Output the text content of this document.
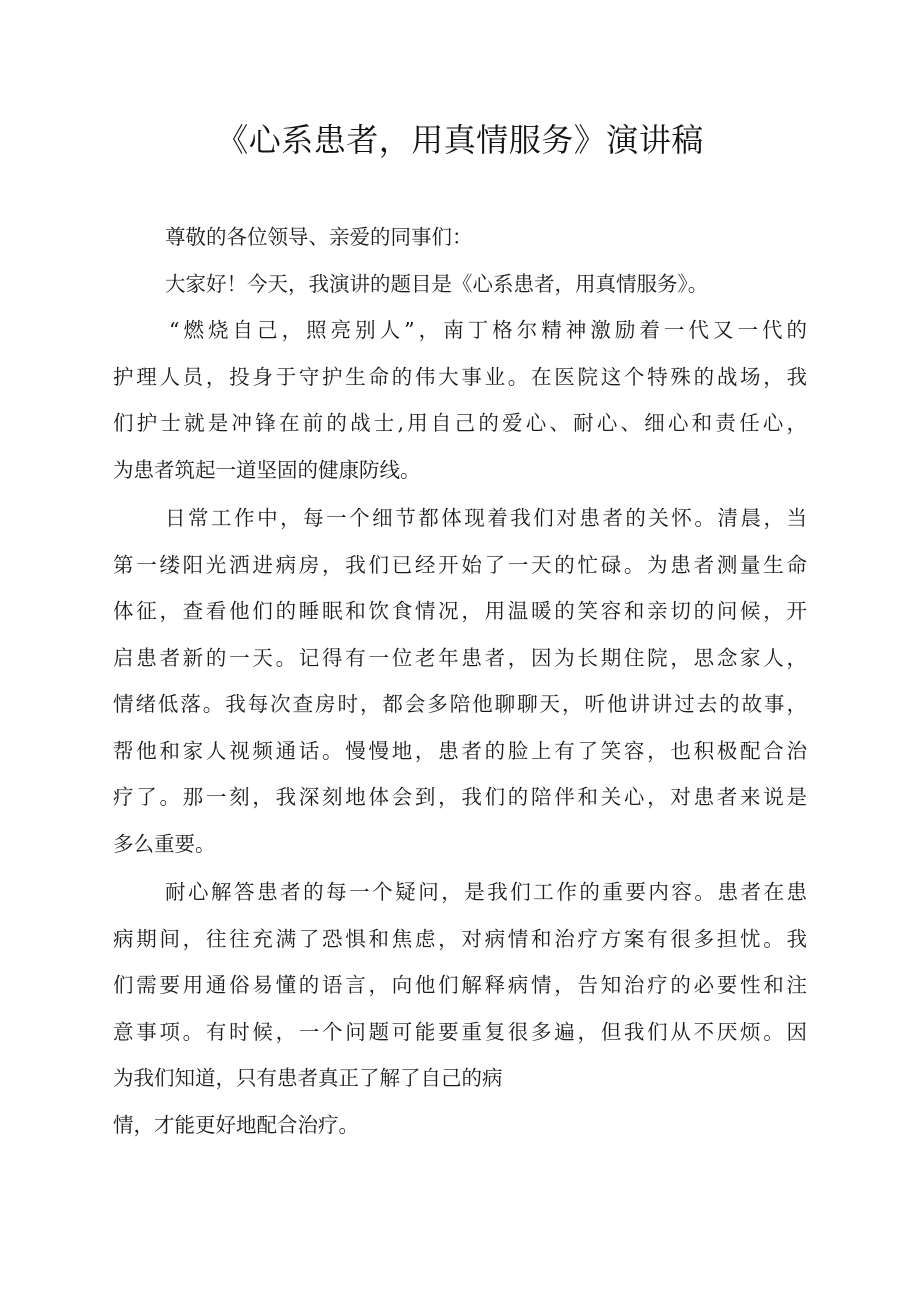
《心系患者，用真情服务》演讲稿
尊敬的各位领导、亲爱的同事们：
大家好！今天，我演讲的题目是《心系患者，用真情服务》。
“燃烧自己，照亮别人”，南丁格尔精神激励着一代又一代的
护理人员，投身于守护生命的伟大事业。在医院这个特殊的战场，我
们护士就是冲锋在前的战士,用自己的爱心、耐心、细心和责任心，
为患者筑起一道坚固的健康防线。
日常工作中，每一个细节都体现着我们对患者的关怀。清晨，当
第一缕阳光洒进病房，我们已经开始了一天的忙碌。为患者测量生命
体征，查看他们的睡眠和饮食情况，用温暖的笑容和亲切的问候，开
启患者新的一天。记得有一位老年患者，因为长期住院，思念家人，
情绪低落。我每次查房时，都会多陪他聊聊天，听他讲讲过去的故事，
帮他和家人视频通话。慢慢地，患者的脸上有了笑容，也积极配合治
疗了。那一刻，我深刻地体会到，我们的陪伴和关心，对患者来说是
多么重要。
耐心解答患者的每一个疑问，是我们工作的重要内容。患者在患
病期间，往往充满了恐惧和焦虑，对病情和治疗方案有很多担忧。我
们需要用通俗易懂的语言，向他们解释病情，告知治疗的必要性和注
意事项。有时候，一个问题可能要重复很多遍，但我们从不厌烦。因
为我们知道，只有患者真正了解了自己的病
情，才能更好地配合治疗。
